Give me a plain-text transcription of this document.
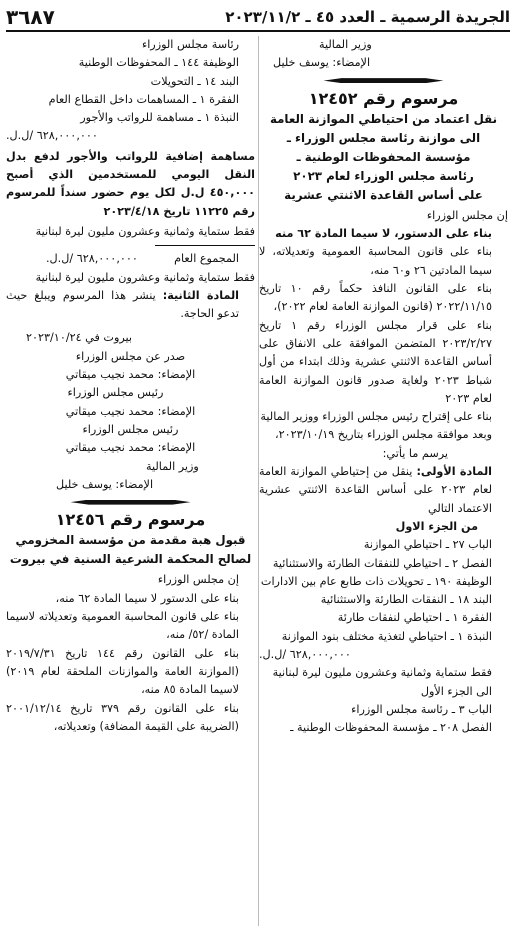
الجريدة الرسمية ـ العدد ٤٥ ـ ٢٠٢٣/١١/٢
٣٦٨٧

وزير المالية

الإمضاء: يوسف خليل

مرسوم رقم ١٢٤٥٢

نقل اعتماد من احتياطي الموازنة العامة

الى موازنة رئاسة مجلس الوزراء ـ

مؤسسة المحفوظات الوطنية ـ

رئاسة مجلس الوزراء لعام ٢٠٢٣

على أساس القاعدة الاثنتي عشرية

إن مجلس الوزراء

بناء على الدستور، لا سيما المادة ٦٢ منه

بناء على قانون المحاسبة العمومية وتعديلاته، لا سيما المادتين ٢٦ و٦٠ منه،

بناء على القانون النافذ حكماً رقم ١٠ تاريخ ٢٠٢٢/١١/١٥ (قانون الموازنة العامة لعام ٢٠٢٢)،

بناء على قرار مجلس الوزراء رقم ١ تاريخ ٢٠٢٣/٢/٢٧ المتضمن الموافقة على الانفاق على أساس القاعدة الاثنتي عشرية وذلك ابتداء من أول شباط ٢٠٢٣ ولغاية صدور قانون الموازنة العامة لعام ٢٠٢٣

بناء على إقتراح رئيس مجلس الوزراء ووزير المالية

وبعد موافقة مجلس الوزراء بتاريخ ٢٠٢٣/١٠/١٩،

يرسم ما يأتي:

المادة الأولى: ينقل من إحتياطي الموازنة العامة لعام ٢٠٢٣ على أساس القاعدة الاثنتي عشرية الاعتماد التالي

من الجزء الاول

الباب ٢٧ ـ احتياطي الموازنة

الفصل ٢ ـ احتياطي للنفقات الطارئة والاستثنائية

الوظيفة ١٩٠ ـ تحويلات ذات طابع عام بين الادارات

البند ١٨ ـ النفقات الطارئة والاستثنائية

الفقرة ١ ـ احتياطي لنفقات طارئة

النبذة ١ ـ احتياطي لتغذية مختلف بنود الموازنة

٦٢٨,٠٠٠,٠٠٠ /ل.ل.

فقط ستماية وثمانية وعشرون مليون ليرة لبنانية

الى الجزء الأول

الباب ٣ ـ رئاسة مجلس الوزراء

الفصل ٢٠٨ ـ مؤسسة المحفوظات الوطنية ـ

رئاسة مجلس الوزراء

الوظيفة ١٤٤ ـ المحفوظات الوطنية

البند ١٤ ـ التحويلات

الفقرة ١ ـ المساهمات داخل القطاع العام

النبذة ١ ـ مساهمة للرواتب والأجور

٦٢٨,٠٠٠,٠٠٠ /ل.ل.

مساهمة إضافية للرواتب والأجور لدفع بدل النقل اليومي للمستخدمين الذي أصبح ٤٥٠,٠٠٠ ل.ل لكل يوم حضور سنداً للمرسوم رقم ١١٢٢٥ تاريخ ٢٠٢٣/٤/١٨

فقط ستماية وثمانية وعشرون مليون ليرة لبنانية

المجموع العام
٦٢٨,٠٠٠,٠٠٠ /ل.ل.

فقط ستماية وثمانية وعشرون مليون ليرة لبنانية

المادة الثانية: ينشر هذا المرسوم ويبلغ حيث تدعو الحاجة.

بيروت في ٢٠٢٣/١٠/٢٤

صدر عن مجلس الوزراء

الإمضاء: محمد نجيب ميقاتي

رئيس مجلس الوزراء

الإمضاء: محمد نجيب ميقاتي

رئيس مجلس الوزراء

الإمضاء: محمد نجيب ميقاتي

وزير المالية

الإمضاء: يوسف خليل

مرسوم رقم ١٢٤٥٦

قبول هبة مقدمة من مؤسسة المخزومي

لصالح المحكمة الشرعية السنية في بيروت

إن مجلس الوزراء

بناء على الدستور لا سيما المادة ٦٢ منه،

بناء على قانون المحاسبة العمومية وتعديلاته لاسيما المادة /٥٢/ منه،

بناء على القانون رقم ١٤٤ تاريخ ٢٠١٩/٧/٣١ (الموازنة العامة والموازنات الملحقة لعام ٢٠١٩) لاسيما المادة ٨٥ منه،

بناء على القانون رقم ٣٧٩ تاريخ ٢٠٠١/١٢/١٤ (الضريبة على القيمة المضافة) وتعديلاته،
